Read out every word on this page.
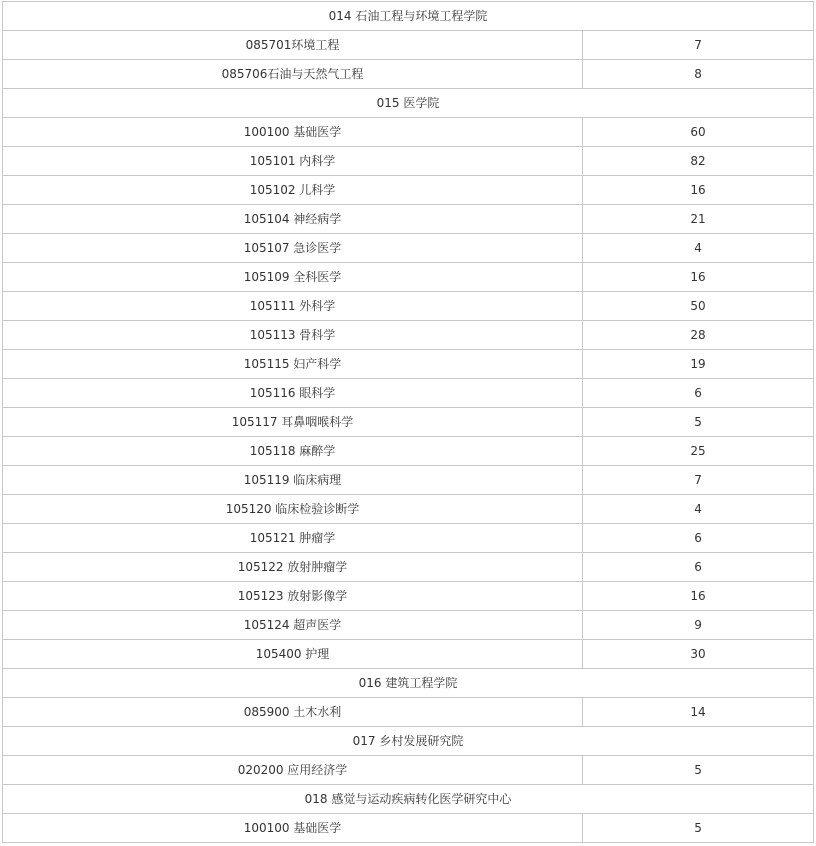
014 石油工程与环境工程学院	
085701环境工程	7
085706石油与天然气工程	8
015 医学院	
100100 基础医学	60
105101 内科学	82
105102 儿科学	16
105104 神经病学	21
105107 急诊医学	4
105109 全科医学	16
105111 外科学	50
105113 骨科学	28
105115 妇产科学	19
105116 眼科学	6
105117 耳鼻咽喉科学	5
105118 麻醉学	25
105119 临床病理	7
105120 临床检验诊断学	4
105121 肿瘤学	6
105122 放射肿瘤学	6
105123 放射影像学	16
105124 超声医学	9
105400 护理	30
016 建筑工程学院	
085900 土木水利	14
017 乡村发展研究院	
020200 应用经济学	5
018 感觉与运动疾病转化医学研究中心	
100100 基础医学	5
